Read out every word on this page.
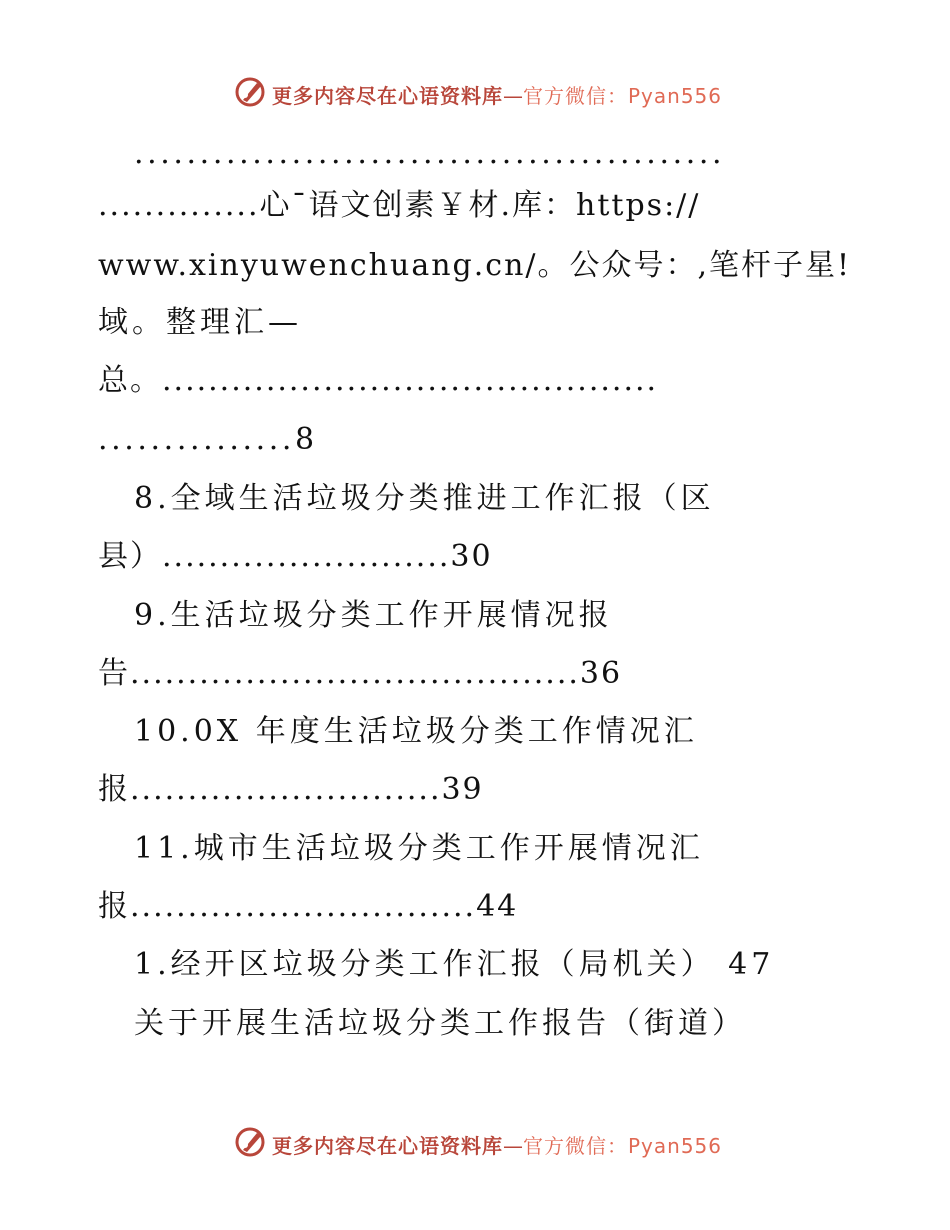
更多内容尽在心语资料库—官方微信：Pyan556
.............................................
..............心¯语文创素￥材.库：https://
www.xinyuwenchuang.cn/。公众号：,笔杆子星!
域。整理汇—
总。...........................................
...............8
8.全域生活垃圾分类推进工作汇报（区
县）.........................30
9.生活垃圾分类工作开展情况报
告.......................................36
10.0X 年度生活垃圾分类工作情况汇
报...........................39
11.城市生活垃圾分类工作开展情况汇
报..............................44
1.经开区垃圾分类工作汇报（局机关） 47
关于开展生活垃圾分类工作报告（街道）
更多内容尽在心语资料库—官方微信：Pyan556
